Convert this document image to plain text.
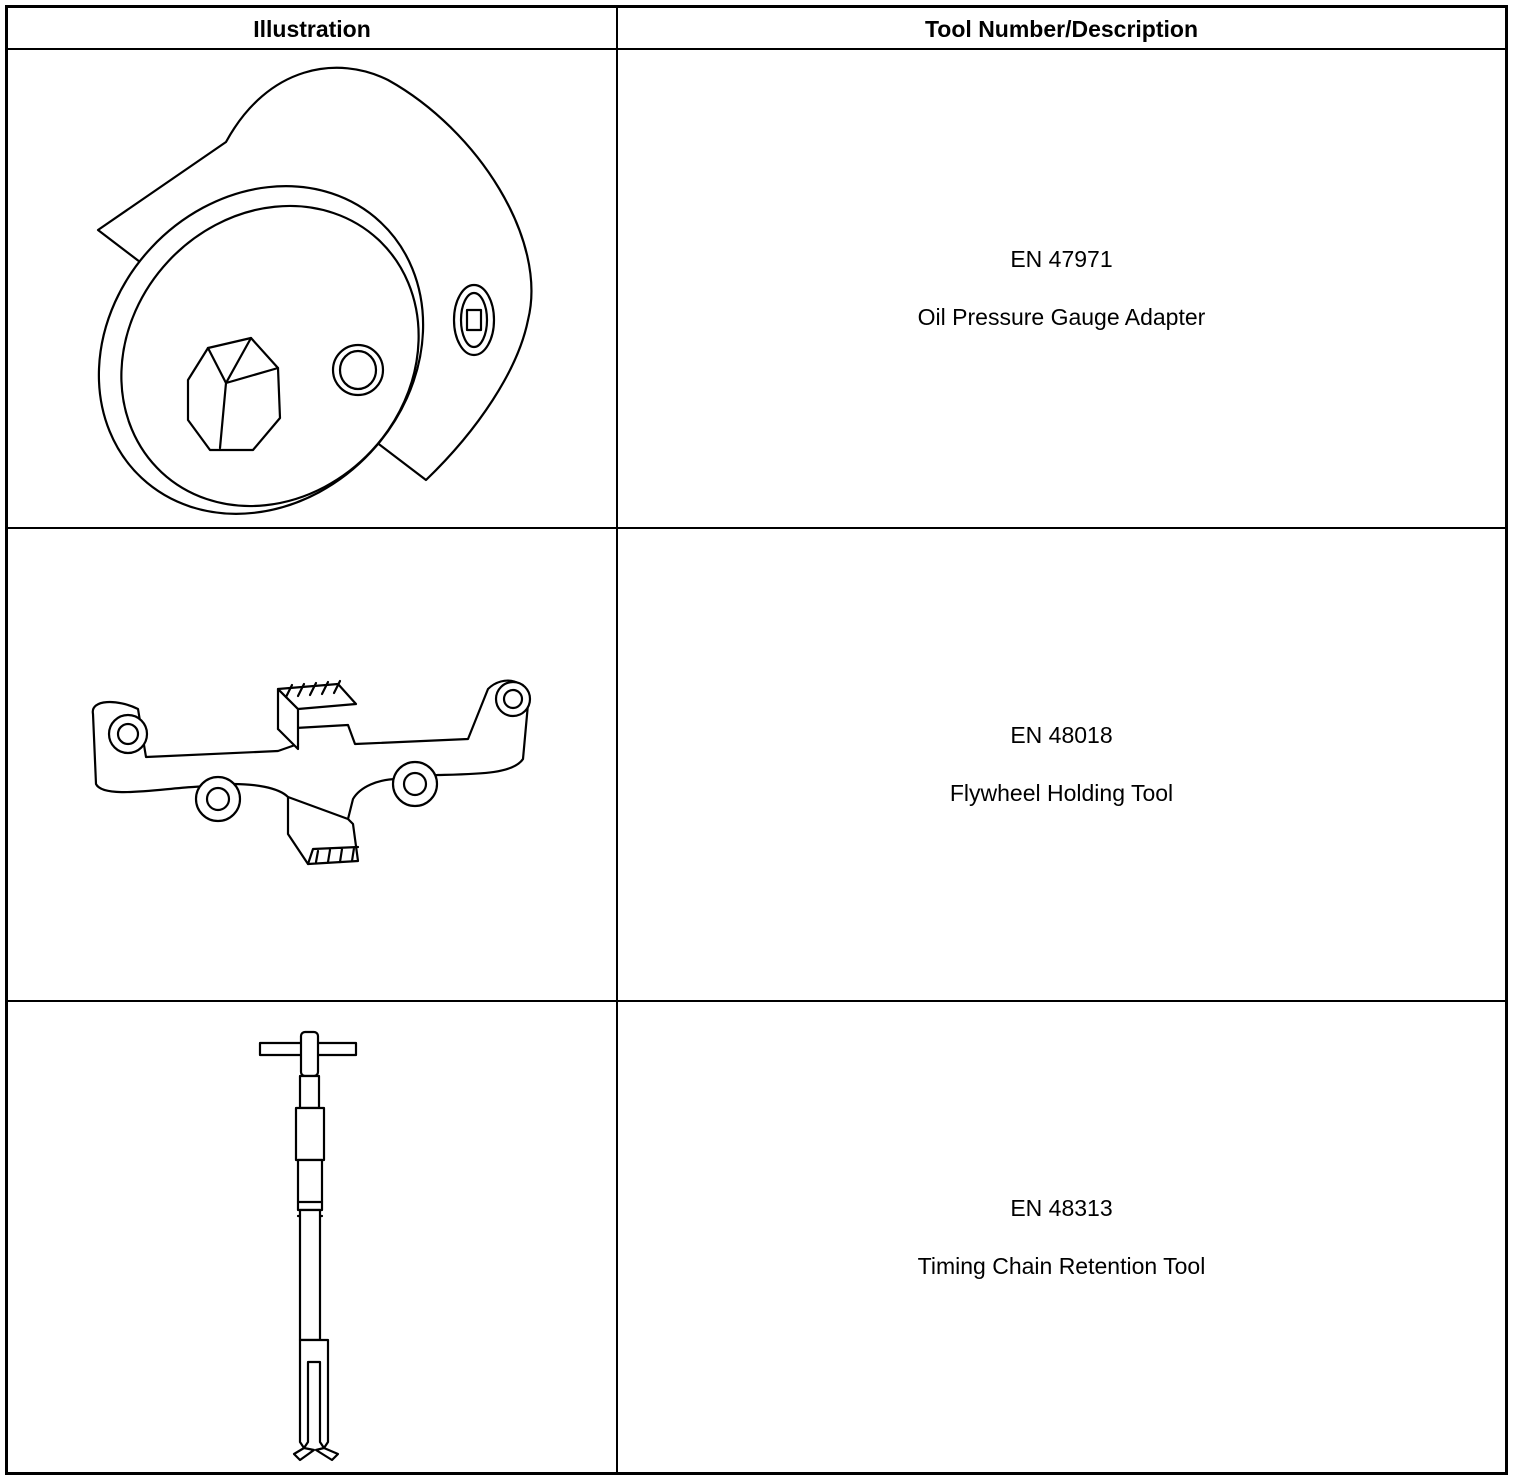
Illustration	Tool Number/Description
EN 47971
Oil Pressure Gauge Adapter
EN 48018
Flywheel Holding Tool
EN 48313
Timing Chain Retention Tool
